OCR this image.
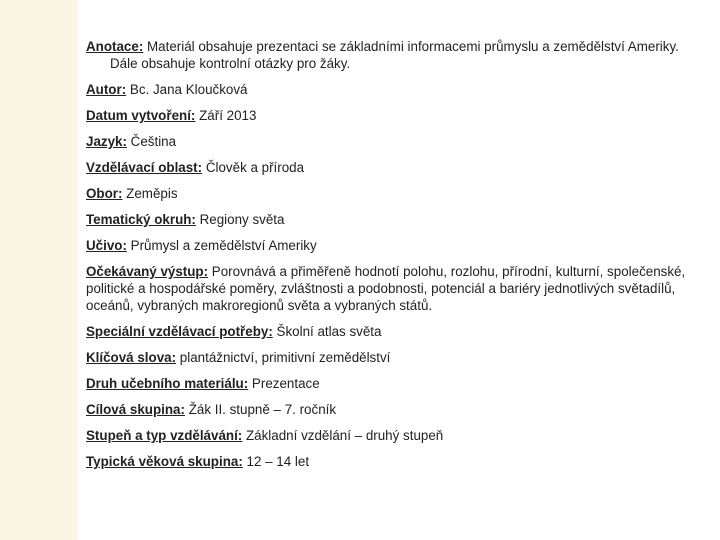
Anotace: Materiál obsahuje prezentaci se základními informacemi průmyslu a zemědělství Ameriky.
Dále obsahuje kontrolní otázky pro žáky.
Autor: Bc. Jana Kloučková
Datum vytvoření: Září 2013
Jazyk: Čeština
Vzdělávací oblast: Člověk a příroda
Obor: Zeměpis
Tematický okruh: Regiony světa
Učivo: Průmysl a zemědělství Ameriky
Očekávaný výstup: Porovnává a přiměřeně hodnotí polohu, rozlohu, přírodní, kulturní, společenské, politické a hospodářské poměry, zvláštnosti a podobnosti, potenciál a bariéry jednotlivých světadílů, oceánů, vybraných makroregionů světa a vybraných států.
Speciální vzdělávací potřeby: Školní atlas světa
Klíčová slova: plantážnictví, primitivní zemědělství
Druh učebního materiálu: Prezentace
Cílová skupina: Žák II. stupně – 7. ročník
Stupeň a typ vzdělávání: Základní vzdělání – druhý stupeň
Typická věková skupina: 12 – 14 let
